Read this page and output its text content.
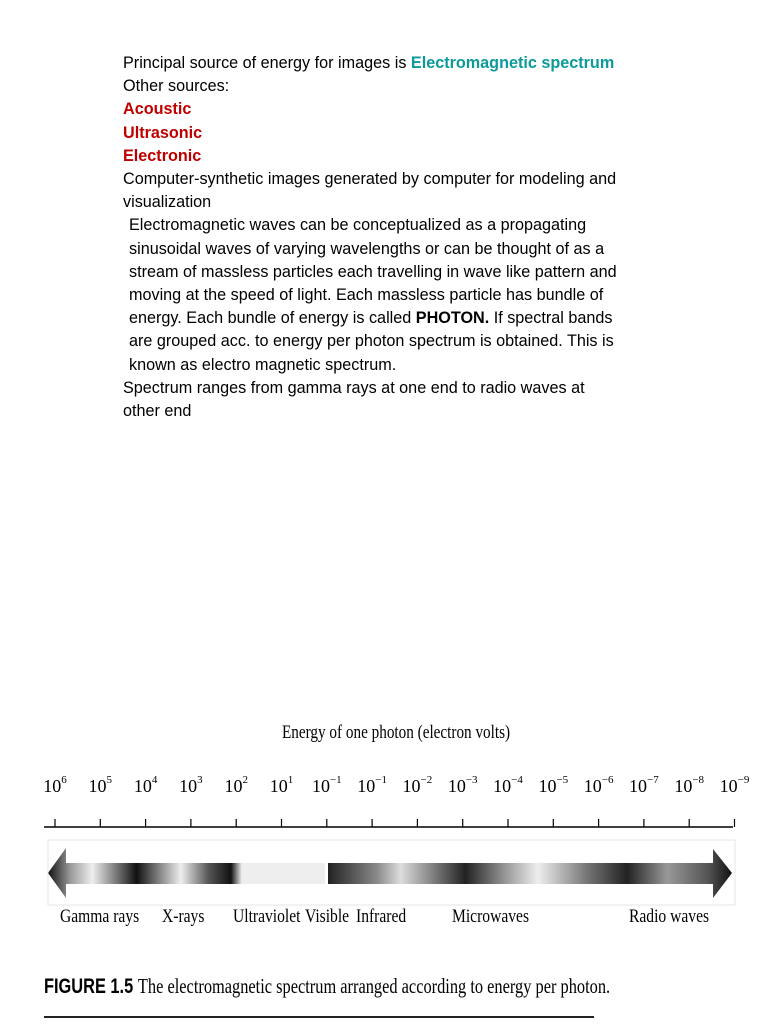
Principal source of energy for images is Electromagnetic spectrum
Other sources:
Acoustic
Ultrasonic
Electronic
Computer-synthetic images generated by computer for modeling and
visualization
Electromagnetic waves can be conceptualized as a propagating
sinusoidal waves of varying wavelengths or can be thought of as a
stream of massless particles each travelling in wave like pattern and
moving at the speed of light. Each massless particle has bundle of
energy. Each bundle of energy is called PHOTON. If spectral bands
are grouped acc. to energy per photon spectrum is obtained. This is
known as electro magnetic spectrum.
Spectrum ranges from gamma rays at one end to radio waves at
other end
Energy of one photon (electron volts)
$10^6$ $10^5$ $10^4$ $10^3$ $10^2$ $10^1$ $10^{-1}$ $10^{-1}$ $10^{-2}$ $10^{-3}$ $10^{-4}$ $10^{-5}$ $10^{-6}$ $10^{-7}$ $10^{-8}$ $10^{-9}$
Gamma rays X-rays Ultraviolet Visible Infrared Microwaves	Radio waves
FIGURE 1.5 The electromagnetic spectrum arranged according to energy per photon.
